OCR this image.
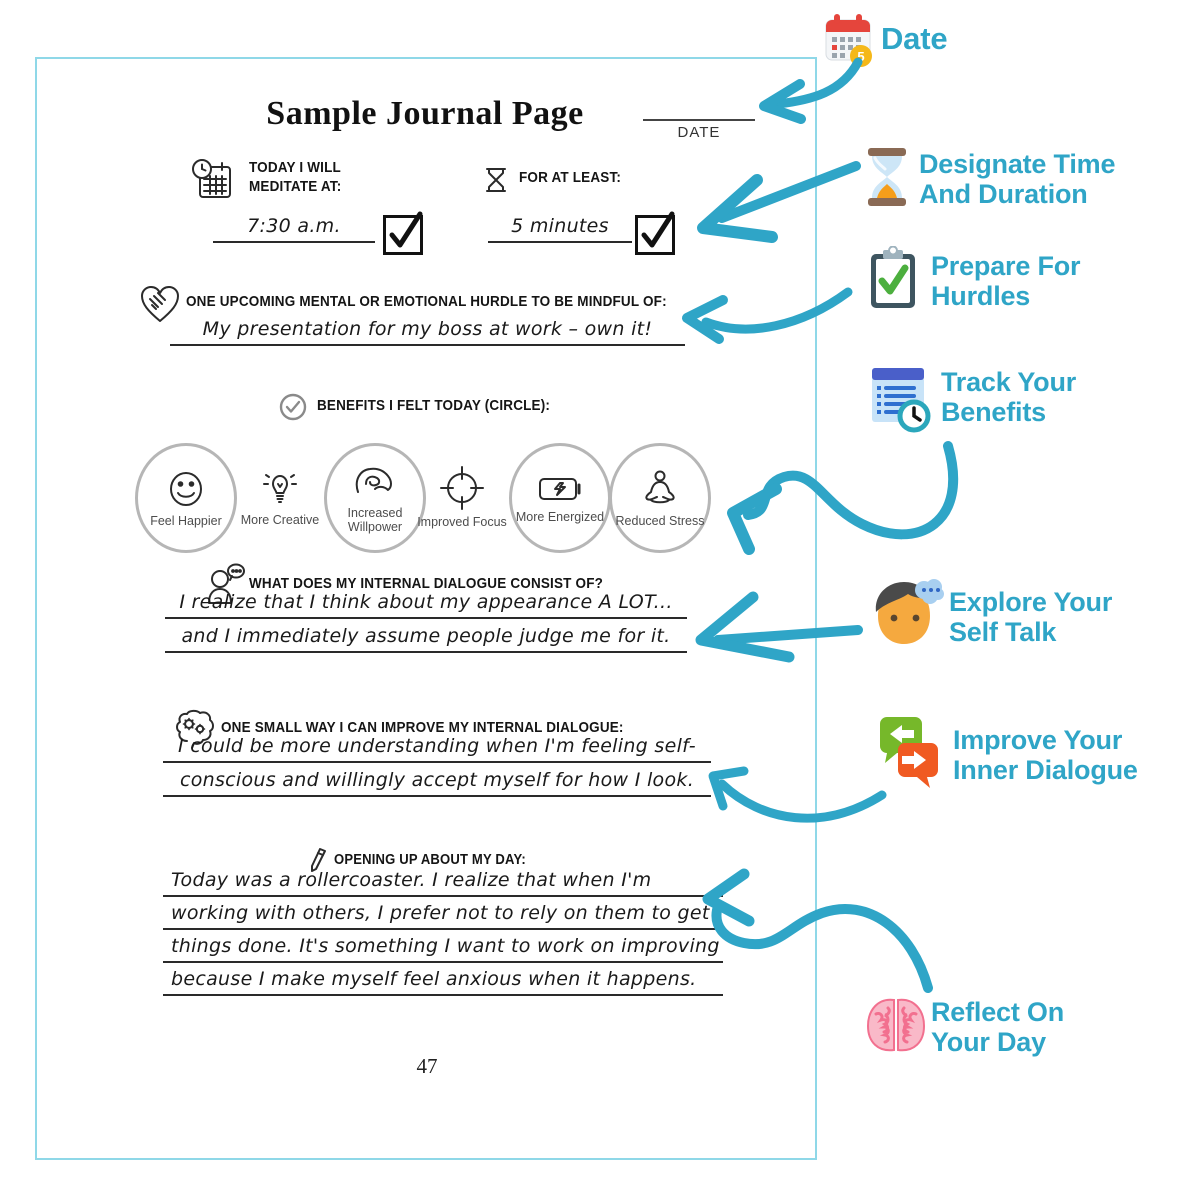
Sample Journal Page
DATE
TODAY I WILL
MEDITATE AT:
FOR AT LEAST:
7:30 a.m.	5 minutes
ONE UPCOMING MENTAL OR EMOTIONAL HURDLE TO BE MINDFUL OF:
My presentation for my boss at work – own it!
BENEFITS I FELT TODAY (CIRCLE):
Feel Happier More Creative
Increased Willpower	Improved Focus More Energized Reduced Stress
WHAT DOES MY INTERNAL DIALOGUE CONSIST OF?
I realize that I think about my appearance A LOT...
and I immediately assume people judge me for it.
ONE SMALL WAY I CAN IMPROVE MY INTERNAL DIALOGUE:
I could be more understanding when I'm feeling self-
conscious and willingly accept myself for how I look.
OPENING UP ABOUT MY DAY:
Today was a rollercoaster. I realize that when I'm
working with others, I prefer not to rely on them to get
things done. It's something I want to work on improving
because I make myself feel anxious when it happens.
47
5
Date
Designate Time
And Duration
Prepare For
Hurdles
Track Your
Benefits
Explore Your
Self Talk
Improve Your
Inner Dialogue
Reflect On
Your Day
